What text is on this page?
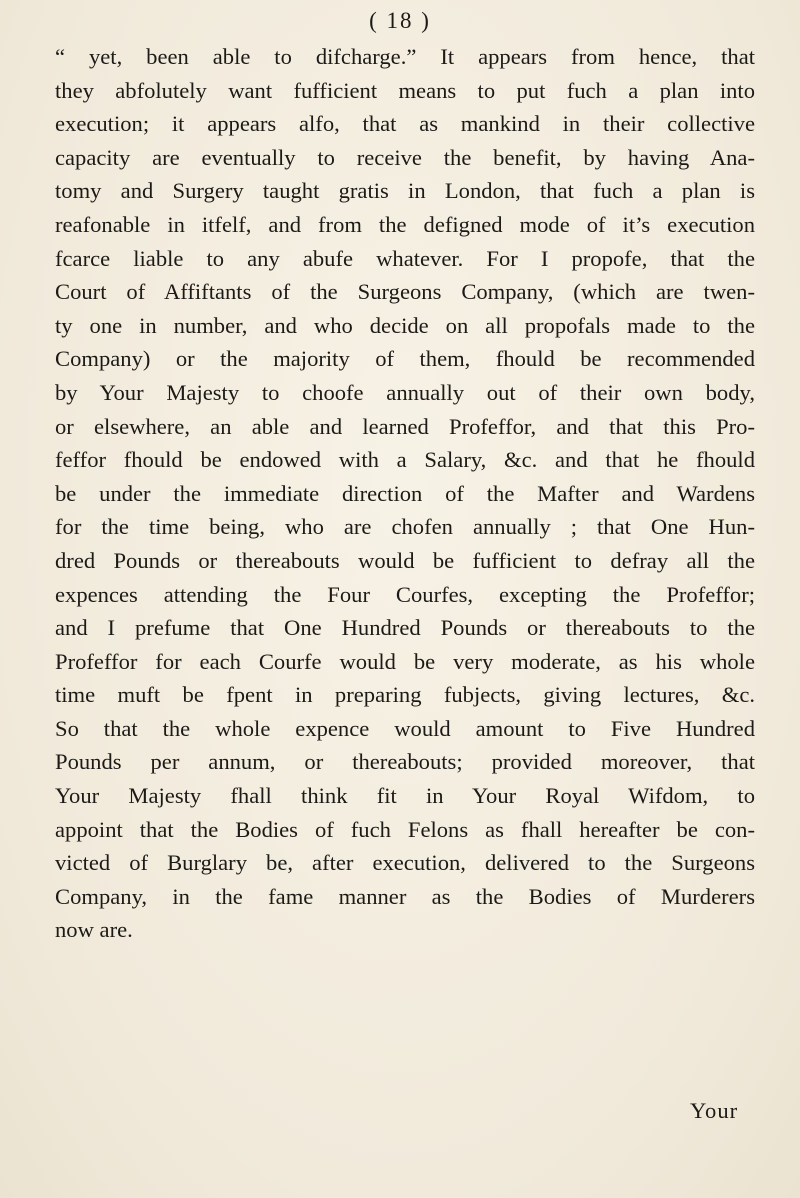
( 18 )
“ yet, been able to difcharge.” It appears from hence, that
they abfolutely want fufficient means to put fuch a plan into
execution; it appears alfo, that as mankind in their collective
capacity are eventually to receive the benefit, by having Ana-
tomy and Surgery taught gratis in London, that fuch a plan is
reafonable in itfelf, and from the defigned mode of it’s execution
fcarce liable to any abufe whatever. For I propofe, that the
Court of Affiftants of the Surgeons Company, (which are twen-
ty one in number, and who decide on all propofals made to the
Company) or the majority of them, fhould be recommended
by Your Majesty to choofe annually out of their own body,
or elsewhere, an able and learned Profeffor, and that this Pro-
feffor fhould be endowed with a Salary, &c. and that he fhould
be under the immediate direction of the Mafter and Wardens
for the time being, who are chofen annually ; that One Hun-
dred Pounds or thereabouts would be fufficient to defray all the
expences attending the Four Courfes, excepting the Profeffor;
and I prefume that One Hundred Pounds or thereabouts to the
Profeffor for each Courfe would be very moderate, as his whole
time muft be fpent in preparing fubjects, giving lectures, &c.
So that the whole expence would amount to Five Hundred
Pounds per annum, or thereabouts; provided moreover, that
Your Majesty fhall think fit in Your Royal Wifdom, to
appoint that the Bodies of fuch Felons as fhall hereafter be con-
victed of Burglary be, after execution, delivered to the Surgeons
Company, in the fame manner as the Bodies of Murderers
now are.
Your
